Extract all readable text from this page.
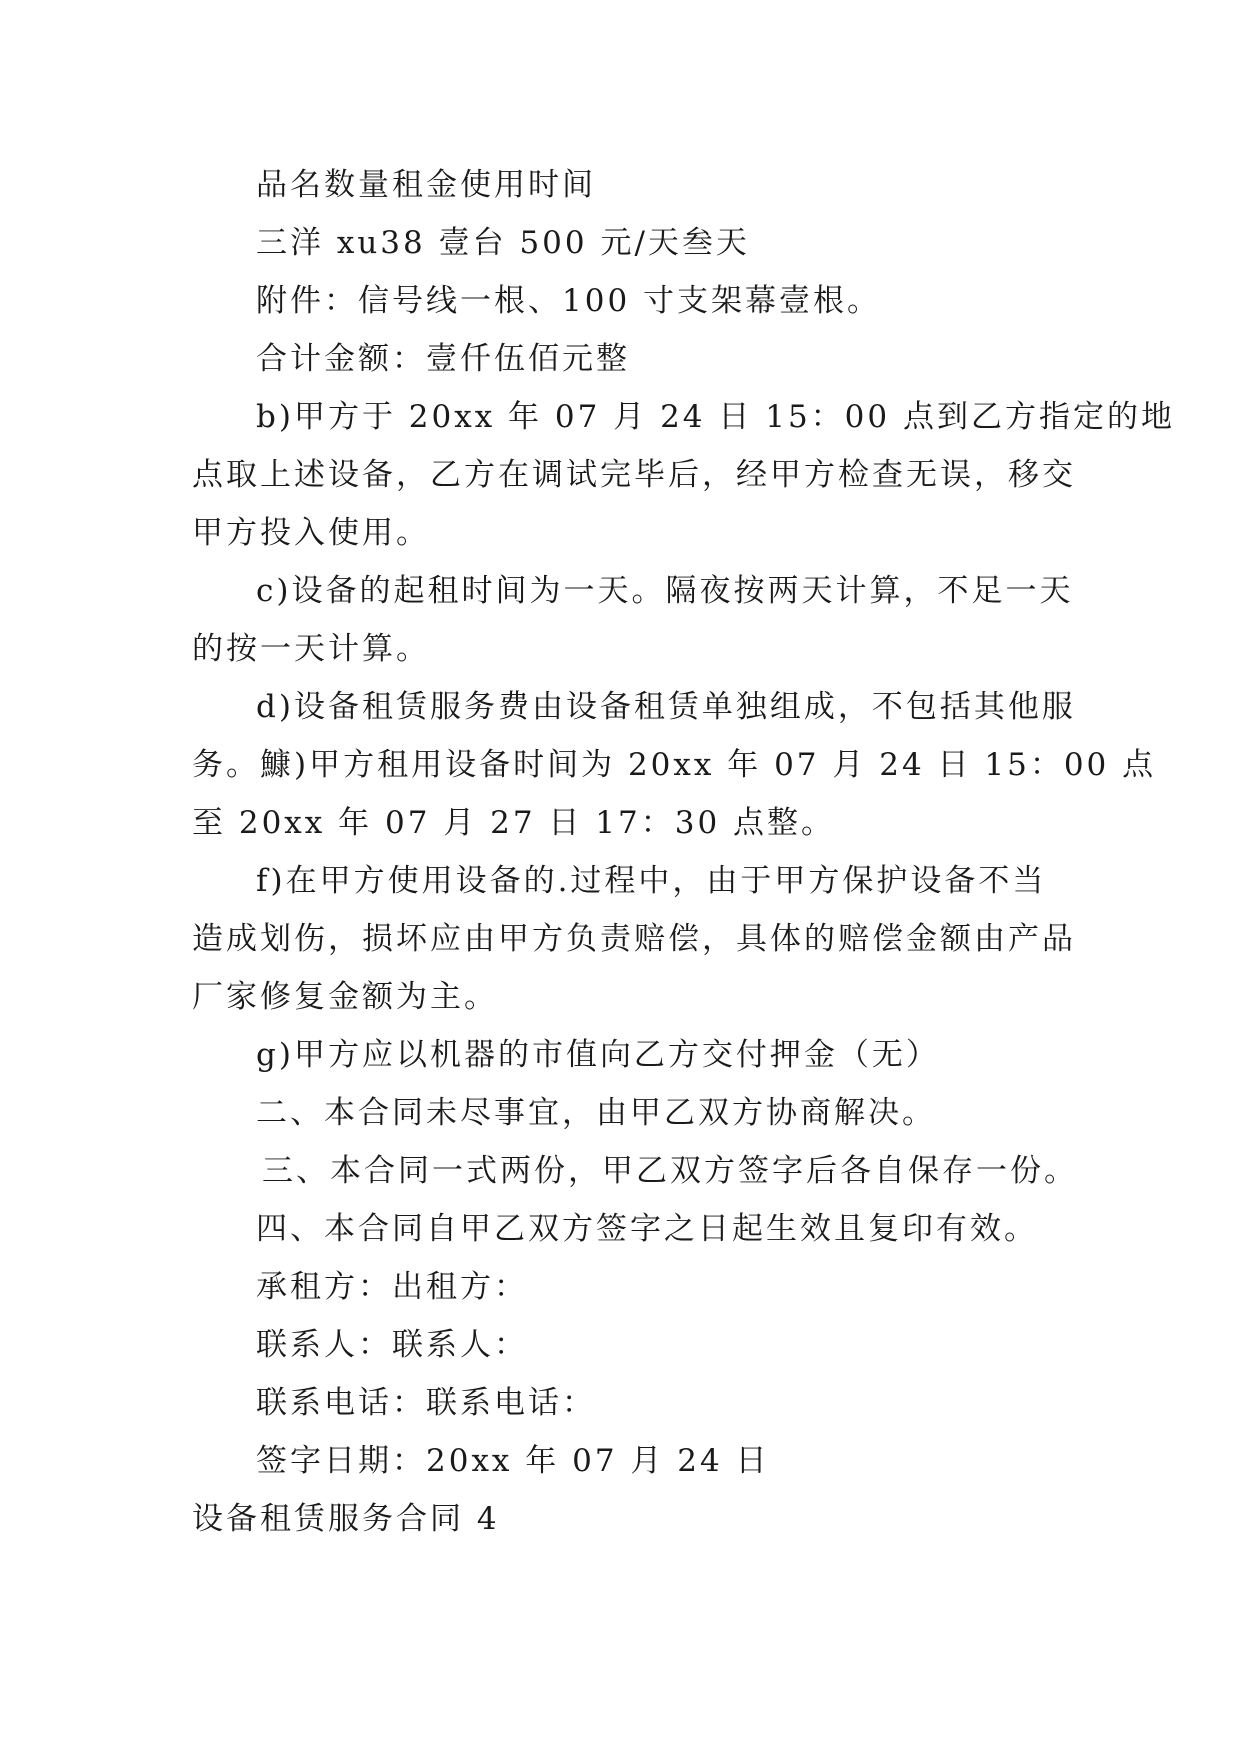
品名数量租金使用时间

三洋 xu38 壹台 500 元/天叁天

附件：信号线一根、100 寸支架幕壹根。

合计金额：壹仟伍佰元整

b)甲方于 20xx 年 07 月 24 日 15：00 点到乙方指定的地

点取上述设备，乙方在调试完毕后，经甲方检查无误，移交

甲方投入使用。

c)设备的起租时间为一天。隔夜按两天计算，不足一天

的按一天计算。

d)设备租赁服务费由设备租赁单独组成，不包括其他服

务。鱇)甲方租用设备时间为 20xx 年 07 月 24 日 15：00 点

至 20xx 年 07 月 27 日 17：30 点整。

f)在甲方使用设备的.过程中，由于甲方保护设备不当

造成划伤，损坏应由甲方负责赔偿，具体的赔偿金额由产品

厂家修复金额为主。

g)甲方应以机器的市值向乙方交付押金（无）

二、本合同未尽事宜，由甲乙双方协商解决。

三、本合同一式两份，甲乙双方签字后各自保存一份。

四、本合同自甲乙双方签字之日起生效且复印有效。

承租方：出租方：

联系人：联系人：

联系电话：联系电话：

签字日期：20xx 年 07 月 24 日

设备租赁服务合同 4
